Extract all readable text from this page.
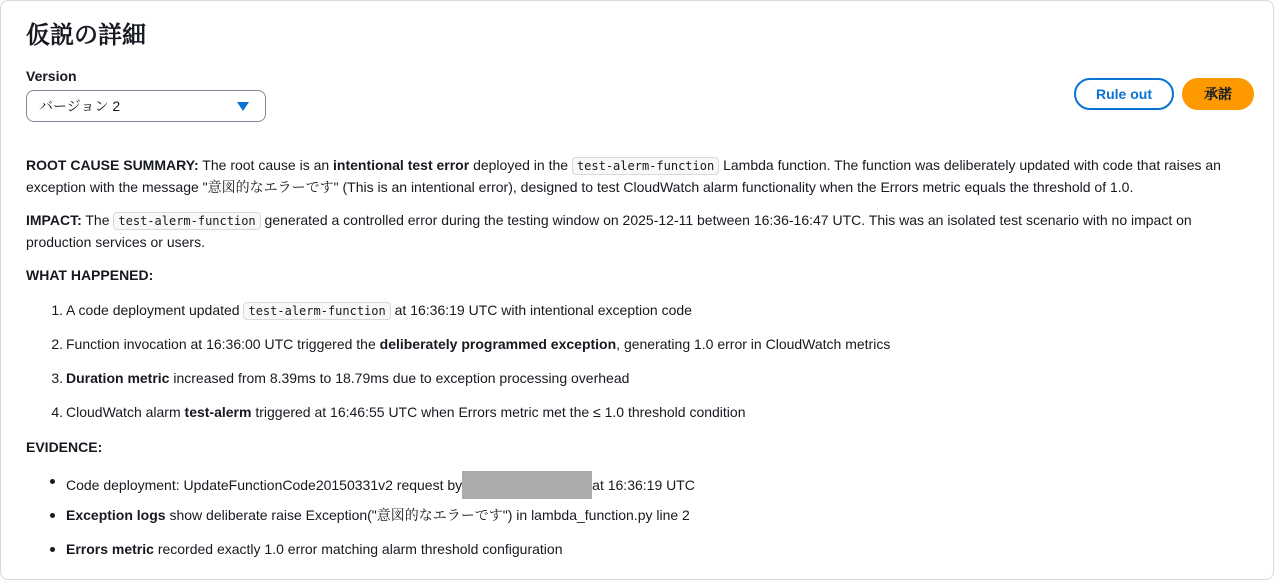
仮説の詳細
Version
バージョン 2
Rule out	承諾

ROOT CAUSE SUMMARY: The root cause is an intentional test error deployed in the test-alerm-function Lambda function. The function was deliberately updated with code that raises an exception with the message "意図的なエラーです" (This is an intentional error), designed to test CloudWatch alarm functionality when the Errors metric equals the threshold of 1.0.

IMPACT: The test-alerm-function generated a controlled error during the testing window on 2025-12-11 between 16:36-16:47 UTC. This was an isolated test scenario with no impact on production services or users.

WHAT HAPPENED:
1. A code deployment updated test-alerm-function at 16:36:19 UTC with intentional exception code
2. Function invocation at 16:36:00 UTC triggered the deliberately programmed exception, generating 1.0 error in CloudWatch metrics
3. Duration metric increased from 8.39ms to 18.79ms due to exception processing overhead
4. CloudWatch alarm test-alerm triggered at 16:46:55 UTC when Errors metric met the ≤ 1.0 threshold condition
EVIDENCE:
Code deployment: UpdateFunctionCode20150331v2 request by	at 16:36:19 UTC
Exception logs show deliberate raise Exception("意図的なエラーです") in lambda_function.py line 2
Errors metric recorded exactly 1.0 error matching alarm threshold configuration
